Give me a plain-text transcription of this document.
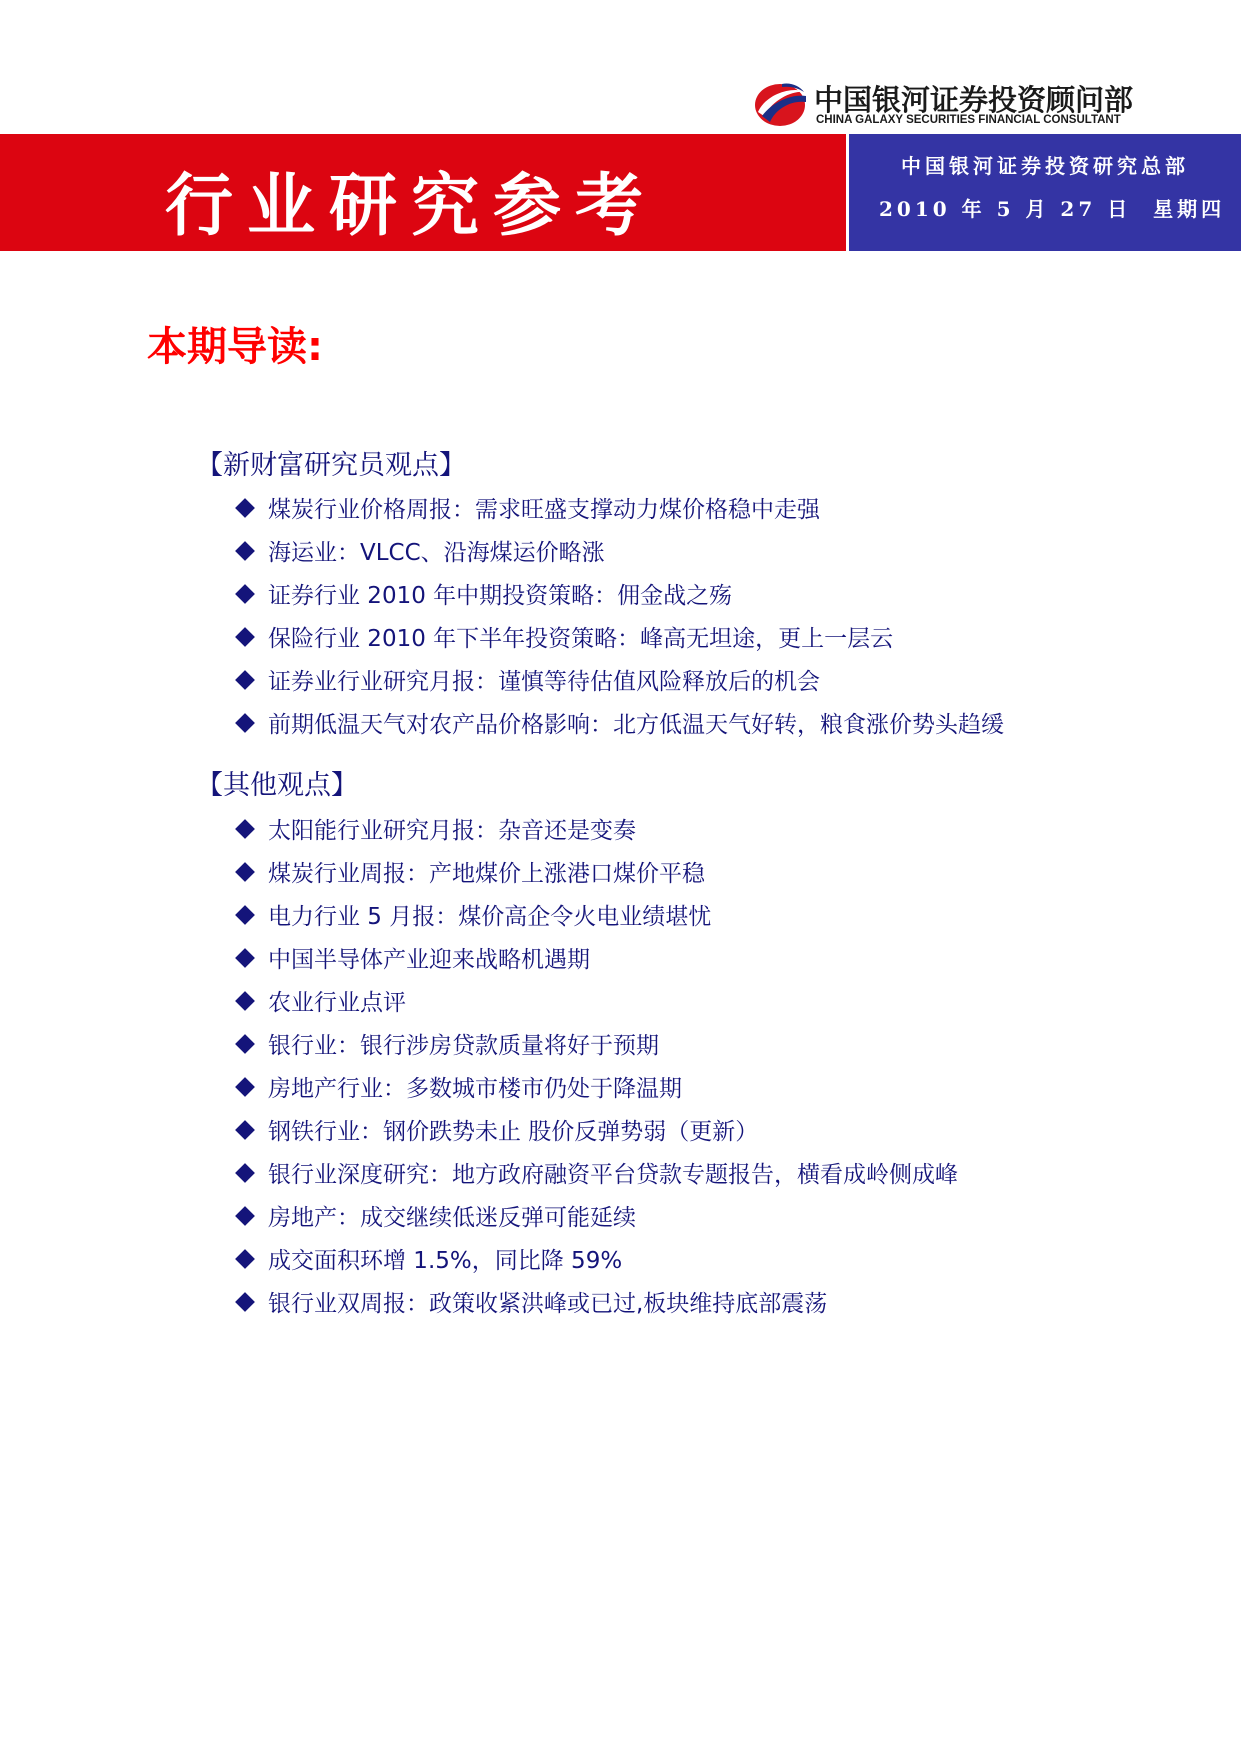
中国银河证券投资顾问部
CHINA GALAXY SECURITIES FINANCIAL CONSULTANT
行业研究参考	中国银河证券投资研究总部
2010 年 5 月 27 日  星期四
本期导读:
【新财富研究员观点】
煤炭行业价格周报：需求旺盛支撑动力煤价格稳中走强
海运业：VLCC、沿海煤运价略涨
证券行业 2010 年中期投资策略：佣金战之殇
保险行业 2010 年下半年投资策略：峰高无坦途，更上一层云
证券业行业研究月报：谨慎等待估值风险释放后的机会
前期低温天气对农产品价格影响：北方低温天气好转，粮食涨价势头趋缓
【其他观点】
太阳能行业研究月报：杂音还是变奏
煤炭行业周报：产地煤价上涨港口煤价平稳
电力行业 5 月报：煤价高企令火电业绩堪忧
中国半导体产业迎来战略机遇期
农业行业点评
银行业：银行涉房贷款质量将好于预期
房地产行业：多数城市楼市仍处于降温期
钢铁行业：钢价跌势未止 股价反弹势弱（更新）
银行业深度研究：地方政府融资平台贷款专题报告，横看成岭侧成峰
房地产：成交继续低迷反弹可能延续
成交面积环增 1.5%，同比降 59%
银行业双周报：政策收紧洪峰或已过,板块维持底部震荡
